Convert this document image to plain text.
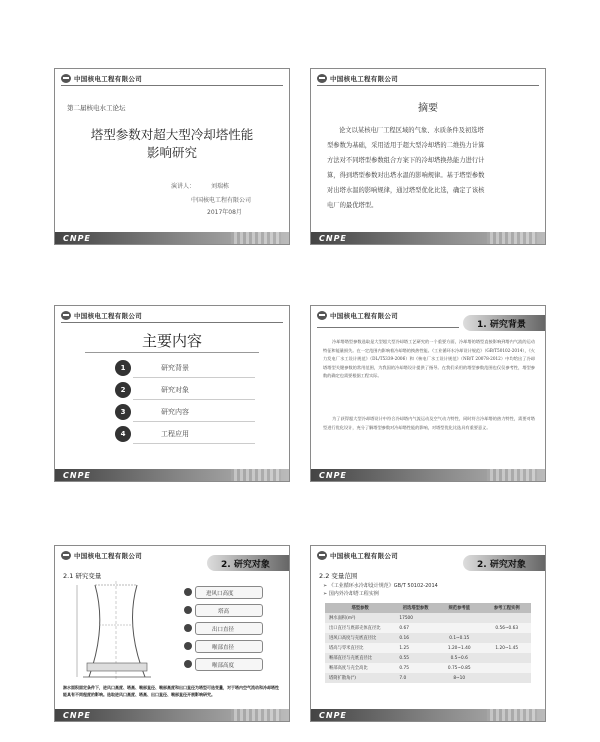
中国核电工程有限公司
第二届核电水工论坛
塔型参数对超大型冷却塔性能
影响研究
演讲人：	刘瑞栋
中国核电工程有限公司
2017年08月
CNPE
中国核电工程有限公司
摘要
论文以某核电厂工程区域的气象、水质条件及初选塔
型参数为基础，采用适用于超大型冷却塔的二维热力计算
方法对不同塔型参数组合方案下的冷却塔换热能力进行计
算，得到塔型参数对出塔水温的影响规律。基于塔型参数
对出塔水温的影响规律，通过塔型优化比选，确定了该核
电厂的最优塔型。
CNPE
中国核电工程有限公司
主要内容
1	研究背景
2	研究对象
3	研究内容
4	工程应用
CNPE
中国核电工程有限公司
1. 研究背景
冷却塔塔型参数选取是大型超大型冷却塔工艺研究的一个重要方面，冷却塔的塔型直接影响到塔内气流的运动特征和能量损失。在一定范围内影响着冷却塔的换热性能。《工业循环水冷却设计规范》（GB/T50102-2014），《火力发电厂水工设计规范》（DL/T5339-2006）和《核电厂水工设计规范》（NB/T 20078-2012）中均给出了冷却塔塔型关键参数的常用范围，为我国的冷却塔设计提供了指导。在我们采用的塔型参数范围也仅仅参考性，塔型参数的确定也需要根据工程实际。
为了获得超大型冷却塔设计中符合冷却塔内气流运动及空气动力特性，同时符合冷却塔的热力特性，需要对塔型进行优化设计，充分了解塔型参数对冷却塔性能的影响，对塔型优化比选具有重要意义。
CNPE
中国核电工程有限公司
2. 研究对象
2.1 研究变量
进风口高度
塔高
出口直径
喉部直径
喉部高度
淋水面积固定条件下，进风口高度、塔高、喉部直径、喉部高度和出口直径为塔型可选变量，对于塔内空气流动和冷却塔性能具有不同程度的影响。选取进风口高度、塔高、出口直径、喉部直径开展影响研究。
CNPE
中国核电工程有限公司
2. 研究对象
2.2 变量范围
➢ 《工业循环水冷却设计规范》GB/T 50102-2014
➢ 国内外冷却塔工程实例
塔型参数	初选塔型参数	规范参考值	参考工程实例
淋水面积(m²)	17500		
出口直径与底部壳体直径比	0.67		0.56~0.63
进风口高度与壳底直径比	0.16	0.1~0.15	
塔高与零米直径比	1.25	1.20~1.40	1.20~1.45
喉部直径与壳底直径比	0.55	0.5~0.6	
喉部高度与壳全高比	0.75	0.75~0.85	
塔筒扩散角(°)	7.0	8~10	
CNPE
